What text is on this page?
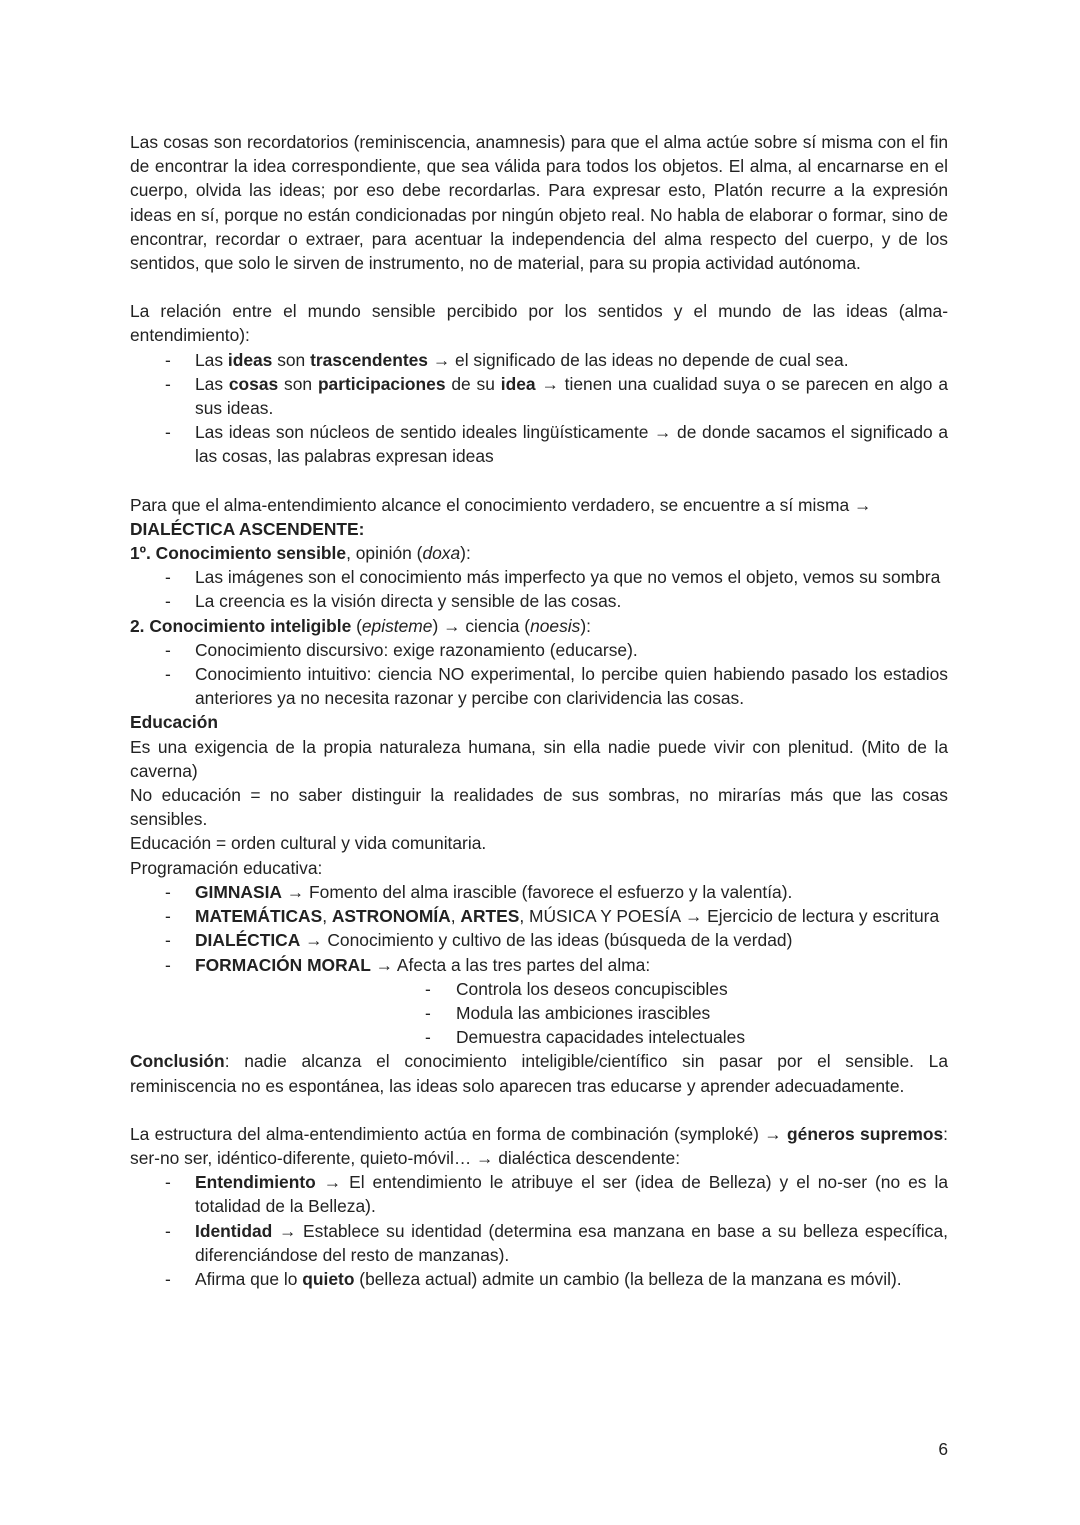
Las cosas son recordatorios (reminiscencia, anamnesis) para que el alma actúe sobre sí misma con el fin de encontrar la idea correspondiente, que sea válida para todos los objetos. El alma, al encarnarse en el cuerpo, olvida las ideas; por eso debe recordarlas. Para expresar esto, Platón recurre a la expresión ideas en sí, porque no están condicionadas por ningún objeto real. No habla de elaborar o formar, sino de encontrar, recordar o extraer, para acentuar la independencia del alma respecto del cuerpo, y de los sentidos, que solo le sirven de instrumento, no de material, para su propia actividad autónoma.

La relación entre el mundo sensible percibido por los sentidos y el mundo de las ideas (alma-entendimiento):

- Las ideas son trascendentes → el significado de las ideas no depende de cual sea.
- Las cosas son participaciones de su idea → tienen una cualidad suya o se parecen en algo a sus ideas.
- Las ideas son núcleos de sentido ideales lingüísticamente → de donde sacamos el significado a las cosas, las palabras expresan ideas

Para que el alma-entendimiento alcance el conocimiento verdadero, se encuentre a sí misma →

DIALÉCTICA ASCENDENTE:
1º. Conocimiento sensible, opinión (doxa):
- Las imágenes son el conocimiento más imperfecto ya que no vemos el objeto, vemos su sombra
- La creencia es la visión directa y sensible de las cosas.
2. Conocimiento inteligible (episteme) → ciencia (noesis):
- Conocimiento discursivo: exige razonamiento (educarse).
- Conocimiento intuitivo: ciencia NO experimental, lo percibe quien habiendo pasado los estadios anteriores ya no necesita razonar y percibe con clarividencia las cosas.
Educación

Es una exigencia de la propia naturaleza humana, sin ella nadie puede vivir con plenitud. (Mito de la caverna)

No educación = no saber distinguir la realidades de sus sombras, no mirarías más que las cosas sensibles.

Educación = orden cultural y vida comunitaria.

Programación educativa:

- GIMNASIA → Fomento del alma irascible (favorece el esfuerzo y la valentía).
- MATEMÁTICAS, ASTRONOMÍA, ARTES, MÚSICA Y POESÍA → Ejercicio de lectura y escritura
- DIALÉCTICA → Conocimiento y cultivo de las ideas (búsqueda de la verdad)
- FORMACIÓN MORAL → Afecta a las tres partes del alma:
- Controla los deseos concupiscibles
- Modula las ambiciones irascibles
- Demuestra capacidades intelectuales

Conclusión: nadie alcanza el conocimiento inteligible/científico sin pasar por el sensible. La reminiscencia no es espontánea, las ideas solo aparecen tras educarse y aprender adecuadamente.

La estructura del alma-entendimiento actúa en forma de combinación (symploké) → géneros supremos: ser-no ser, idéntico-diferente, quieto-móvil… → dialéctica descendente:

- Entendimiento → El entendimiento le atribuye el ser (idea de Belleza) y el no-ser (no es la totalidad de la Belleza).
- Identidad → Establece su identidad (determina esa manzana en base a su belleza específica, diferenciándose del resto de manzanas).
- Afirma que lo quieto (belleza actual) admite un cambio (la belleza de la manzana es móvil).
6
